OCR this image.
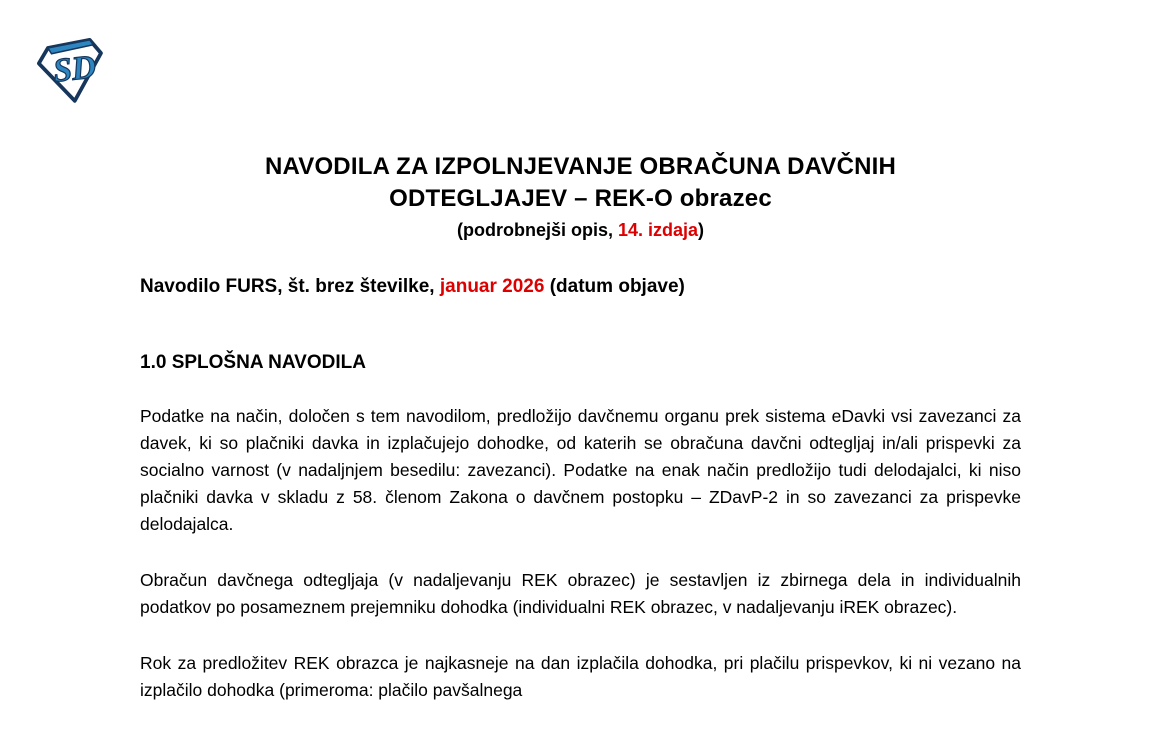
SD
NAVODILA ZA IZPOLNJEVANJE OBRAČUNA DAVČNIH
ODTEGLJAJEV – REK-O obrazec
(podrobnejši opis, 14. izdaja)
Navodilo FURS, št. brez številke, januar 2026 (datum objave)
1.0 SPLOŠNA NAVODILA

Podatke na način, določen s tem navodilom, predložijo davčnemu organu prek sistema eDavki vsi zavezanci za davek, ki so plačniki davka in izplačujejo dohodke, od katerih se obračuna davčni odtegljaj in/ali prispevki za socialno varnost (v nadaljnjem besedilu: zavezanci). Podatke na enak način predložijo tudi delodajalci, ki niso plačniki davka v skladu z 58. členom Zakona o davčnem postopku – ZDavP-2 in so zavezanci za prispevke delodajalca.

Obračun davčnega odtegljaja (v nadaljevanju REK obrazec) je sestavljen iz zbirnega dela in individualnih podatkov po posameznem prejemniku dohodka (individualni REK obrazec, v nadaljevanju iREK obrazec).

Rok za predložitev REK obrazca je najkasneje na dan izplačila dohodka, pri plačilu prispevkov, ki ni vezano na izplačilo dohodka (primeroma: plačilo pavšalnega
